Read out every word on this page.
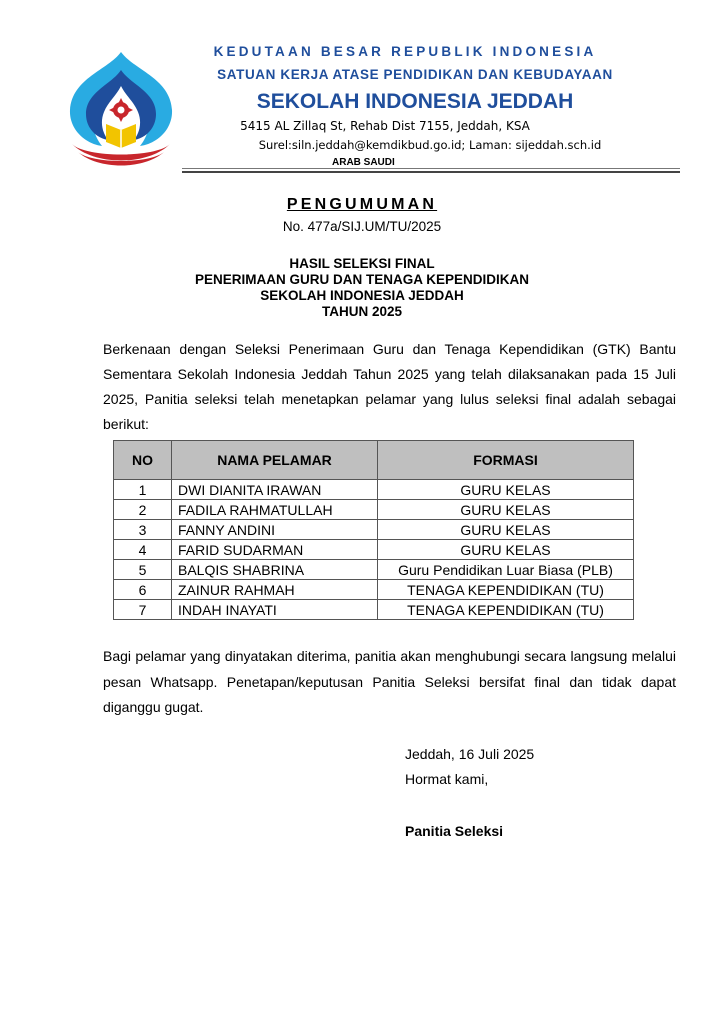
KEDUTAAN BESAR REPUBLIK INDONESIA
SATUAN KERJA ATASE PENDIDIKAN DAN KEBUDAYAAN
SEKOLAH INDONESIA JEDDAH
5415 AL Zillaq St, Rehab Dist 7155, Jeddah, KSA
Surel:siln.jeddah@kemdikbud.go.id; Laman: sijeddah.sch.id
ARAB SAUDI
PENGUMUMAN
No. 477a/SIJ.UM/TU/2025
HASIL SELEKSI FINAL
PENERIMAAN GURU DAN TENAGA KEPENDIDIKAN
SEKOLAH INDONESIA JEDDAH
TAHUN 2025
Berkenaan dengan Seleksi Penerimaan Guru dan Tenaga Kependidikan (GTK) Bantu Sementara Sekolah Indonesia Jeddah Tahun 2025 yang telah dilaksanakan pada 15 Juli 2025, Panitia seleksi telah menetapkan pelamar yang lulus seleksi final adalah sebagai berikut:
NO	NAMA PELAMAR	FORMASI
1	DWI DIANITA IRAWAN	GURU KELAS
2	FADILA RAHMATULLAH	GURU KELAS
3	FANNY ANDINI	GURU KELAS
4	FARID SUDARMAN	GURU KELAS
5	BALQIS SHABRINA	Guru Pendidikan Luar Biasa (PLB)
6	ZAINUR RAHMAH	TENAGA KEPENDIDIKAN (TU)
7	INDAH INAYATI	TENAGA KEPENDIDIKAN (TU)
Bagi pelamar yang dinyatakan diterima, panitia akan menghubungi secara langsung melalui pesan Whatsapp. Penetapan/keputusan Panitia Seleksi bersifat final dan tidak dapat diganggu gugat.
Jeddah, 16 Juli 2025
Hormat kami,
Panitia Seleksi
